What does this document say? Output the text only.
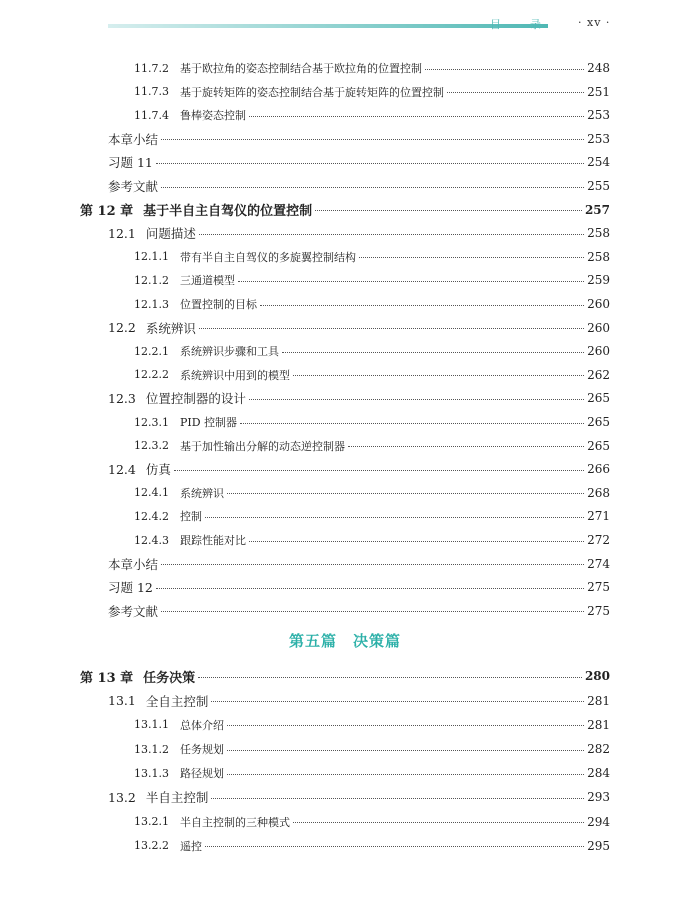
目	录	· xv ·
11.7.2 基于欧拉角的姿态控制结合基于欧拉角的位置控制	248
11.7.3 基于旋转矩阵的姿态控制结合基于旋转矩阵的位置控制	251
11.7.4 鲁棒姿态控制	253
本章小结	253
习题 11	254
参考文献	255
第 12 章 基于半自主自驾仪的位置控制	257
12.1 问题描述	258
12.1.1 带有半自主自驾仪的多旋翼控制结构	258
12.1.2 三通道模型	259
12.1.3 位置控制的目标	260
12.2 系统辨识	260
12.2.1 系统辨识步骤和工具	260
12.2.2 系统辨识中用到的模型	262
12.3 位置控制器的设计	265
12.3.1 PID 控制器	265
12.3.2 基于加性输出分解的动态逆控制器	265
12.4 仿真	266
12.4.1 系统辨识	268
12.4.2 控制	271
12.4.3 跟踪性能对比	272
本章小结	274
习题 12	275
参考文献	275
第五篇　决策篇
第 13 章 任务决策	280
13.1 全自主控制	281
13.1.1 总体介绍	281
13.1.2 任务规划	282
13.1.3 路径规划	284
13.2 半自主控制	293
13.2.1 半自主控制的三种模式	294
13.2.2 遥控	295
